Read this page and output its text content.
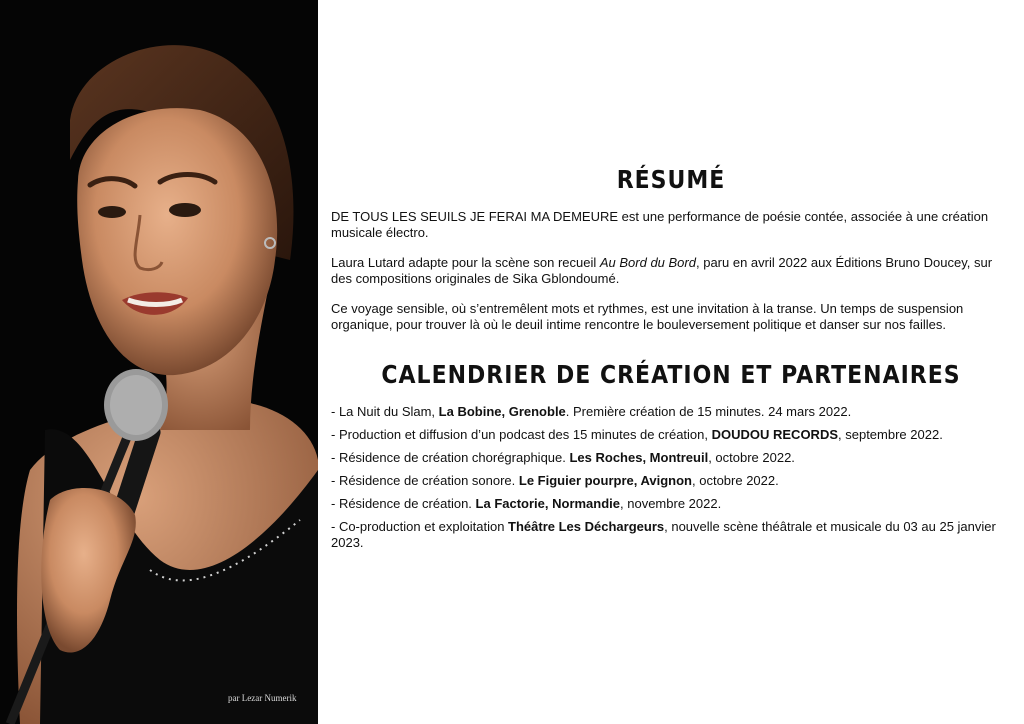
par Lezar Numerik
RÉSUMÉ
DE TOUS LES SEUILS JE FERAI MA DEMEURE est une performance de poésie contée, associée à une création musicale électro.
Laura Lutard adapte pour la scène son recueil Au Bord du Bord, paru en avril 2022 aux Éditions Bruno Doucey, sur des compositions originales de Sika Gblondoumé.
Ce voyage sensible, où s’entremêlent mots et rythmes, est une invitation à la transe. Un temps de suspension organique, pour trouver là où le deuil intime rencontre le bouleversement politique et danser sur nos failles.
CALENDRIER DE CRÉATION ET PARTENAIRES
- La Nuit du Slam, La Bobine, Grenoble. Première création de 15 minutes. 24 mars 2022.
- Production et diffusion d’un podcast des 15 minutes de création, DOUDOU RECORDS, septembre 2022.
- Résidence de création chorégraphique. Les Roches, Montreuil, octobre 2022.
- Résidence de création sonore. Le Figuier pourpre, Avignon, octobre 2022.
- Résidence de création. La Factorie, Normandie, novembre 2022.
- Co-production et exploitation Théâtre Les Déchargeurs, nouvelle scène théâtrale et musicale du 03 au 25 janvier 2023.
